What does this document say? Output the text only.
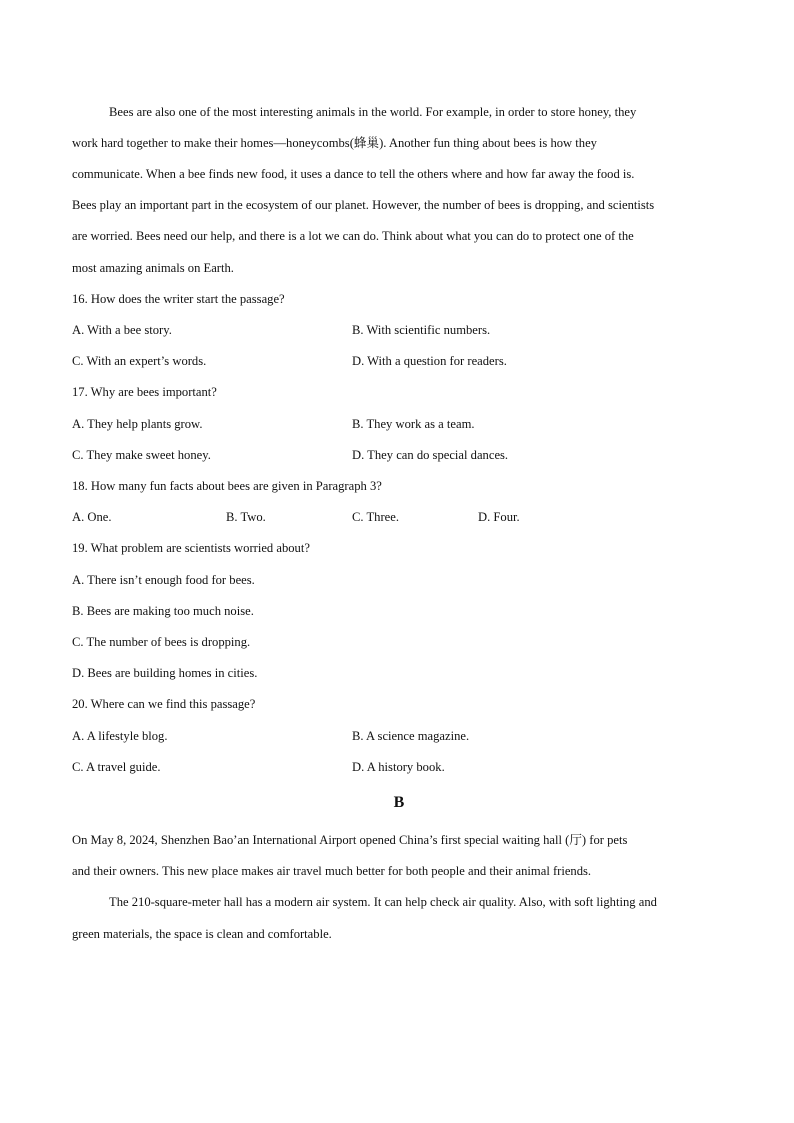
Bees are also one of the most interesting animals in the world. For example, in order to store honey, they
work hard together to make their homes—honeycombs(蜂巢). Another fun thing about bees is how they
communicate. When a bee finds new food, it uses a dance to tell the others where and how far away the food is.
Bees play an important part in the ecosystem of our planet. However, the number of bees is dropping, and scientists
are worried. Bees need our help, and there is a lot we can do. Think about what you can do to protect one of the
most amazing animals on Earth.
16. How does the writer start the passage?
A. With a bee story.	B. With scientific numbers.
C. With an expert’s words.	D. With a question for readers.
17. Why are bees important?
A. They help plants grow.	B. They work as a team.
C. They make sweet honey.	D. They can do special dances.
18. How many fun facts about bees are given in Paragraph 3?
A. One.	B. Two.	C. Three.	D. Four.
19. What problem are scientists worried about?
A. There isn’t enough food for bees.
B. Bees are making too much noise.
C. The number of bees is dropping.
D. Bees are building homes in cities.
20. Where can we find this passage?
A. A lifestyle blog.	B. A science magazine.
C. A travel guide.	D. A history book.
B
On May 8, 2024, Shenzhen Bao’an International Airport opened China’s first special waiting hall (厅) for pets
and their owners. This new place makes air travel much better for both people and their animal friends.
The 210-square-meter hall has a modern air system. It can help check air quality. Also, with soft lighting and
green materials, the space is clean and comfortable.
